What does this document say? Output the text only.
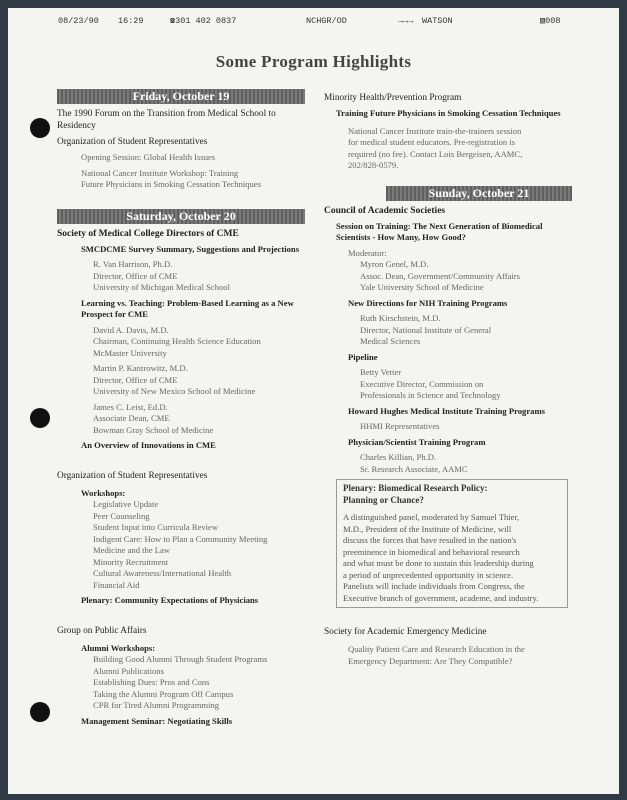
08/23/90 16:29	☎301 402 0837	NCHGR/OD	→→→ WATSON	▧008
Some Program Highlights
Friday, October 19
The 1990 Forum on the Transition from Medical School to Residency
Organization of Student Representatives
Opening Session: Global Health Issues
National Cancer Institute Workshop: Training
Future Physicians in Smoking Cessation Techniques
Saturday, October 20
Society of Medical College Directors of CME
SMCDCME Survey Summary, Suggestions and Projections
R. Van Harrison, Ph.D.
Director, Office of CME
University of Michigan Medical School
Learning vs. Teaching: Problem-Based Learning as a New Prospect for CME
David A. Davis, M.D.
Chairman, Continuing Health Science Education
McMaster University
Martin P. Kantrowitz, M.D.
Director, Office of CME
University of New Mexico School of Medicine
James C. Leist, Ed.D.
Associate Dean, CME
Bowman Gray School of Medicine
An Overview of Innovations in CME
Organization of Student Representatives
Workshops:
Legislative Update
Peer Counseling
Student Input into Curricula Review
Indigent Care: How to Plan a Community Meeting
Medicine and the Law
Minority Recruitment
Cultural Awareness/International Health
Financial Aid
Plenary: Community Expectations of Physicians
Group on Public Affairs
Alumni Workshops:
Building Good Alumni Through Student Programs
Alumni Publications
Establishing Dues: Pros and Cons
Taking the Alumni Program Off Campus
CPR for Tired Alumni Programming
Management Seminar: Negotiating Skills
Minority Health/Prevention Program
Training Future Physicians in Smoking Cessation Techniques
National Cancer Institute train-the-trainers session
for medical student educators. Pre-registration is
required (no fee). Contact Lois Bergeisen, AAMC,
202/828-0579.
Sunday, October 21
Council of Academic Societies
Session on Training: The Next Generation of Biomedical Scientists - How Many, How Good?
Moderator:
Myron Genel, M.D.
Assoc. Dean, Government/Community Affairs
Yale University School of Medicine
New Directions for NIH Training Programs
Ruth Kirschstein, M.D.
Director, National Institute of General
Medical Sciences
Pipeline
Betty Vetter
Executive Director, Commission on
Professionals in Science and Technology
Howard Hughes Medical Institute Training Programs
HHMI Representatives
Physician/Scientist Training Program
Charles Killian, Ph.D.
Sr. Research Associate, AAMC
Plenary: Biomedical Research Policy:
Planning or Chance?
A distinguished panel, moderated by Samuel Thier,
M.D., President of the Institute of Medicine, will
discuss the forces that have resulted in the nation's
preeminence in biomedical and behavioral research
and what must be done to sustain this leadership during
a period of unprecedented opportunity in science.
Panelists will include individuals from Congress, the
Executive branch of government, academe, and industry.
Society for Academic Emergency Medicine
Quality Patient Care and Research Education in the
Emergency Department: Are They Compatible?
